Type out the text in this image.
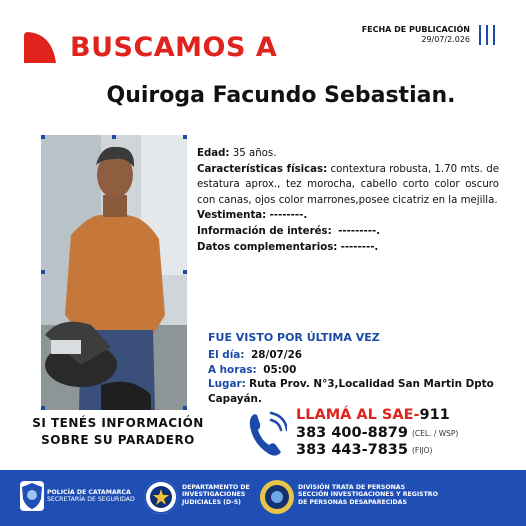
BUSCAMOS A
FECHA DE PUBLICACIÓN
29/07/2.026
Quiroga Facundo Sebastian.

Edad: 35 años.

Características físicas: contextura robusta, 1.70 mts. de estatura aprox., tez morocha, cabello corto color oscuro con canas, ojos color marrones,posee cicatriz en la mejilla.

Vestimenta: --------.

Información de interés: ---------.

Datos complementarios: --------.

FUE VISTO POR ÚLTIMA VEZ
El día: 28/07/26
A horas: 05:00
Lugar: Ruta Prov. N°3,Localidad San Martin Dpto Capayán.
SI TENÉS INFORMACIÓN
SOBRE SU PARADERO
LLAMÁ AL SAE-911
383 400-8879 (CEL. / WSP)
383 443-7835 (FIJO)
POLICÍA DE CATAMARCA
SECRETARÍA DE SEGURIDAD
DEPARTAMENTO DE
INVESTIGACIONES
JUDICIALES (D-5)
DIVISIÓN TRATA DE PERSONAS
SECCIÓN INVESTIGACIONES Y REGISTRO
DE PERSONAS DESAPARECIDAS
